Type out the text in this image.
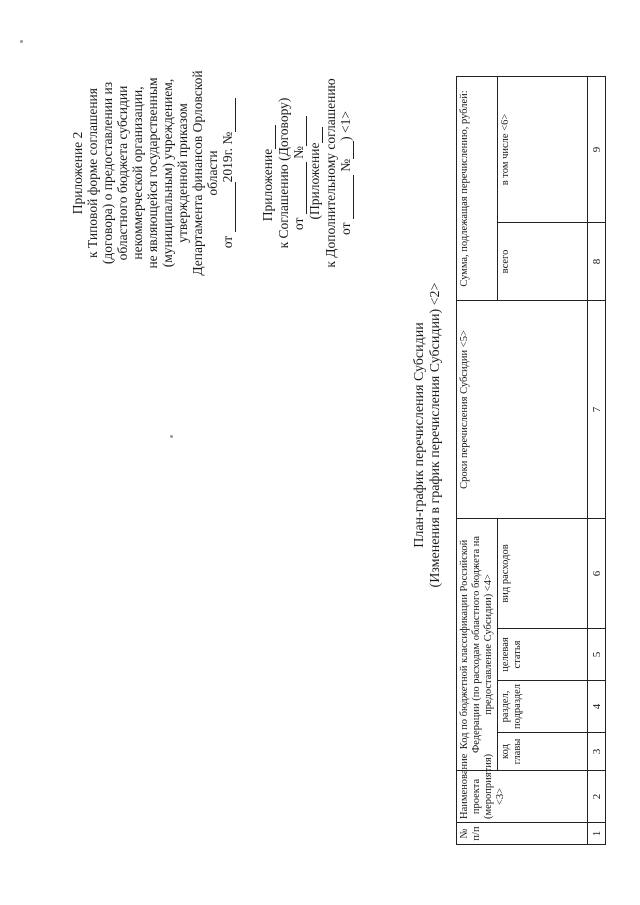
Приложение 2 к Типовой форме соглашения (договора) о предоставлении из областного бюджета субсидии некоммерческой организации, не являющейся государственным (муниципальным) учреждением, утвержденной приказом Департамента финансов Орловской области
от  2019г. №
Приложение к Соглашению (Договору) от   № (Приложение к Дополнительному соглашению от   № ) <1>
План-график перечисления Субсидии (Изменения в график перечисления Субсидии) <2>
№ п/п	Наименование проекта (мероприятия) <3>	Код по бюджетной классификации Российской Федерации (по расходам областного бюджета на предоставление Субсидии) <4>				Сроки перечисления Субсидии <5>	Сумма, подлежащая перечислению, рублей:	
		код главы	раздел, подраздел	целевая статья	вид расходов		всего	в том числе <6>
1	2	3	4	5	6	7	8	9
